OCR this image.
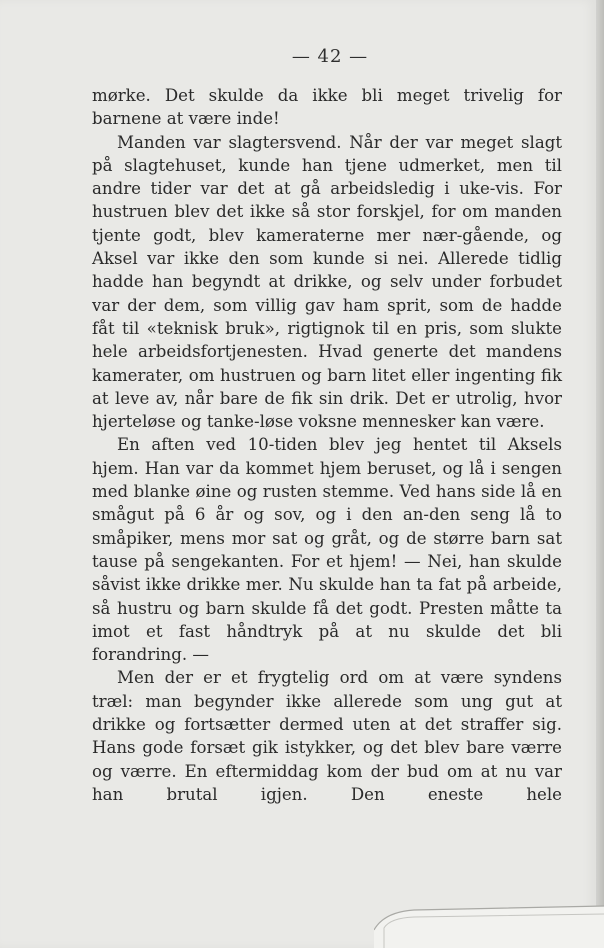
— 42 —

mørke. Det skulde da ikke bli meget trivelig for barnene at være inde!

Manden var slagtersvend. Når der var meget slagt på slagtehuset, kunde han tjene udmerket, men til andre tider var det at gå arbeidsledig i uke-vis. For hustruen blev det ikke så stor forskjel, for om manden tjente godt, blev kameraterne mer nær-gående, og Aksel var ikke den som kunde si nei. Allerede tidlig hadde han begyndt at drikke, og selv under forbudet var der dem, som villig gav ham sprit, som de hadde fåt til «teknisk bruk», rigtignok til en pris, som slukte hele arbeidsfortjenesten. Hvad generte det mandens kamerater, om hustruen og barn litet eller ingenting fik at leve av, når bare de fik sin drik. Det er utrolig, hvor hjerteløse og tanke-løse voksne mennesker kan være.

En aften ved 10-tiden blev jeg hentet til Aksels hjem. Han var da kommet hjem beruset, og lå i sengen med blanke øine og rusten stemme. Ved hans side lå en smågut på 6 år og sov, og i den an-den seng lå to småpiker, mens mor sat og gråt, og de større barn sat tause på sengekanten. For et hjem! — Nei, han skulde såvist ikke drikke mer. Nu skulde han ta fat på arbeide, så hustru og barn skulde få det godt. Presten måtte ta imot et fast håndtryk på at nu skulde det bli forandring. —

Men der er et frygtelig ord om at være syndens træl: man begynder ikke allerede som ung gut at drikke og fortsætter dermed uten at det straffer sig. Hans gode forsæt gik istykker, og det blev bare værre og værre. En eftermiddag kom der bud om at nu var han brutal igjen. Den eneste hele
